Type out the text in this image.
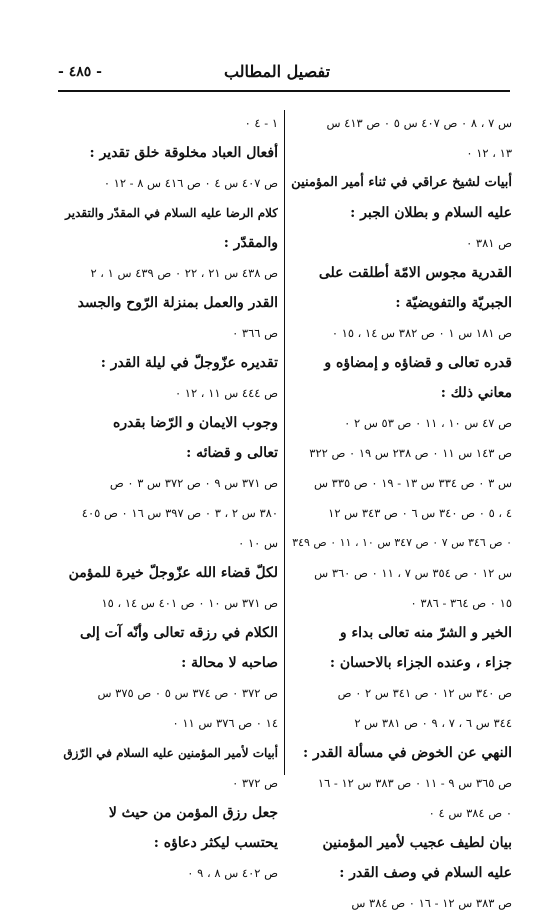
- ٤٨٥ -	تفصيل المطالب
س ٧ ، ٨ ٠ ص ٤٠٧ س ٥ ٠ ص ٤١٣ س
١٣ ، ١٢ ٠
أبيات لشيخ عراقي في ثناء أمير المؤمنين
عليه السلام و بطلان الجبر :
ص ٣٨١ ٠
القدرية مجوس الامّة أطلقت على
الجبريّة والتفويضيّة :
ص ١٨١ س ١ ٠ ص ٣٨٢ س ١٤ ، ١٥ ٠
قدره تعالى و قضاؤه و إمضاؤه و
معاني ذلك :
ص ٤٧ س ١٠ ، ١١ ٠ ص ٥٣ س ٢ ٠
ص ١٤٣ س ١١ ٠ ص ٢٣٨ س ١٩ ٠ ص ٣٢٢
س ٣ ٠ ص ٣٣٤ س ١٣ - ١٩ ٠ ص ٣٣٥ س
٤ ، ٥ ٠ ص ٣٤٠ س ٦ ٠ ص ٣٤٣ س ١٢
٠ ص ٣٤٦ س ٧ ٠ ص ٣٤٧ س ١٠ ، ١١ ٠ ص ٣٤٩
س ١٢ ٠ ص ٣٥٤ س ٧ ، ١١ ٠ ص ٣٦٠ س
١٥ ٠ ص ٣٦٤ - ٣٨٦ ٠
الخير و الشرّ منه تعالى بداء و
جزاء ، وعنده الجزاء بالاحسان :
ص ٣٤٠ س ١٢ ٠ ص ٣٤١ س ٢ ٠ ص
٣٤٤ س ٦ ، ٧ ، ٩ ٠ ص ٣٨١ س ٢
النهي عن الخوض في مسألة القدر :
ص ٣٦٥ س ٩ - ١١ ٠ ص ٣٨٣ س ١٢ - ١٦
٠ ص ٣٨٤ س ٤ ٠
بيان لطيف عجيب لأمير المؤمنين
عليه السلام في وصف القدر :
ص ٣٨٣ س ١٢ - ١٦ ٠ ص ٣٨٤ س
١ - ٤ ٠
أفعال العباد مخلوقة خلق تقدير :
ص ٤٠٧ س ٤ ٠ ص ٤١٦ س ٨ - ١٢ ٠
كلام الرضا عليه السلام في المقدّر والتقدير
والمقدّر :
ص ٤٣٨ س ٢١ ، ٢٢ ٠ ص ٤٣٩ س ١ ، ٢
القدر والعمل بمنزلة الرّوح والجسد
ص ٣٦٦ ٠
تقديره عزّوجلّ في ليلة القدر :
ص ٤٤٤ س ١١ ، ١٢ ٠
وجوب الايمان و الرّضا بقدره
تعالى و قضائه :
ص ٣٧١ س ٩ ٠ ص ٣٧٢ س ٣ ٠ ص
٣٨٠ س ٢ ، ٣ ٠ ص ٣٩٧ س ١٦ ٠ ص ٤٠٥
س ١٠ ٠
لكلّ قضاء الله عزّوجلّ خيرة للمؤمن
ص ٣٧١ س ١٠ ٠ ص ٤٠١ س ١٤ ، ١٥
الكلام في رزقه تعالى وأنّه آت إلى
صاحبه لا محالة :
ص ٣٧٢ ٠ ص ٣٧٤ س ٥ ٠ ص ٣٧٥ س
١٤ ٠ ص ٣٧٦ س ١١ ٠
أبيات لأمير المؤمنين عليه السلام في الرّزق
ص ٣٧٢ ٠
جعل رزق المؤمن من حيث لا
يحتسب ليكثر دعاؤه :
ص ٤٠٢ س ٨ ، ٩ ٠
